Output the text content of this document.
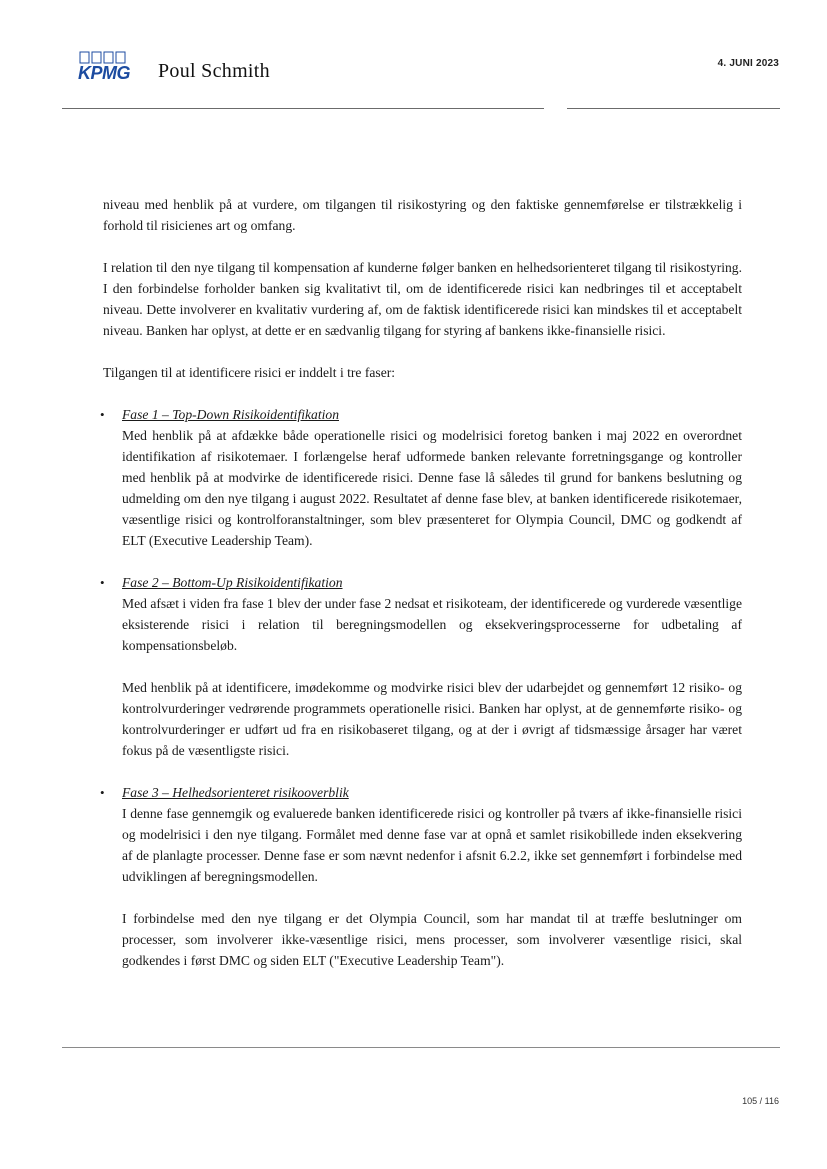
KPMG Poul Schmith	4. JUNI 2023

niveau med henblik på at vurdere, om tilgangen til risikostyring og den faktiske gennemførelse er tilstrækkelig i forhold til risicienes art og omfang.

I relation til den nye tilgang til kompensation af kunderne følger banken en helhedsorienteret tilgang til risikostyring. I den forbindelse forholder banken sig kvalitativt til, om de identificerede risici kan nedbringes til et acceptabelt niveau. Dette involverer en kvalitativ vurdering af, om de faktisk identificerede risici kan mindskes til et acceptabelt niveau. Banken har oplyst, at dette er en sædvanlig tilgang for styring af bankens ikke-finansielle risici.

Tilgangen til at identificere risici er inddelt i tre faser:

• Fase 1 – Top-Down Risikoidentifikation

Med henblik på at afdække både operationelle risici og modelrisici foretog banken i maj 2022 en overordnet identifikation af risikotemaer. I forlængelse heraf udformede banken relevante forretningsgange og kontroller med henblik på at modvirke de identificerede risici. Denne fase lå således til grund for bankens beslutning og udmelding om den nye tilgang i august 2022. Resultatet af denne fase blev, at banken identificerede risikotemaer, væsentlige risici og kontrolforanstaltninger, som blev præsenteret for Olympia Council, DMC og godkendt af ELT (Executive Leadership Team).

• Fase 2 – Bottom-Up Risikoidentifikation

Med afsæt i viden fra fase 1 blev der under fase 2 nedsat et risikoteam, der identificerede og vurderede væsentlige eksisterende risici i relation til beregningsmodellen og eksekveringsprocesserne for udbetaling af kompensationsbeløb.

Med henblik på at identificere, imødekomme og modvirke risici blev der udarbejdet og gennemført 12 risiko- og kontrolvurderinger vedrørende programmets operationelle risici. Banken har oplyst, at de gennemførte risiko- og kontrolvurderinger er udført ud fra en risikobaseret tilgang, og at der i øvrigt af tidsmæssige årsager har været fokus på de væsentligste risici.

• Fase 3 – Helhedsorienteret risikooverblik

I denne fase gennemgik og evaluerede banken identificerede risici og kontroller på tværs af ikke-finansielle risici og modelrisici i den nye tilgang. Formålet med denne fase var at opnå et samlet risikobillede inden eksekvering af de planlagte processer. Denne fase er som nævnt nedenfor i afsnit 6.2.2, ikke set gennemført i forbindelse med udviklingen af beregningsmodellen.

I forbindelse med den nye tilgang er det Olympia Council, som har mandat til at træffe beslutninger om processer, som involverer ikke-væsentlige risici, mens processer, som involverer væsentlige risici, skal godkendes i først DMC og siden ELT ("Executive Leadership Team").

105 / 116
